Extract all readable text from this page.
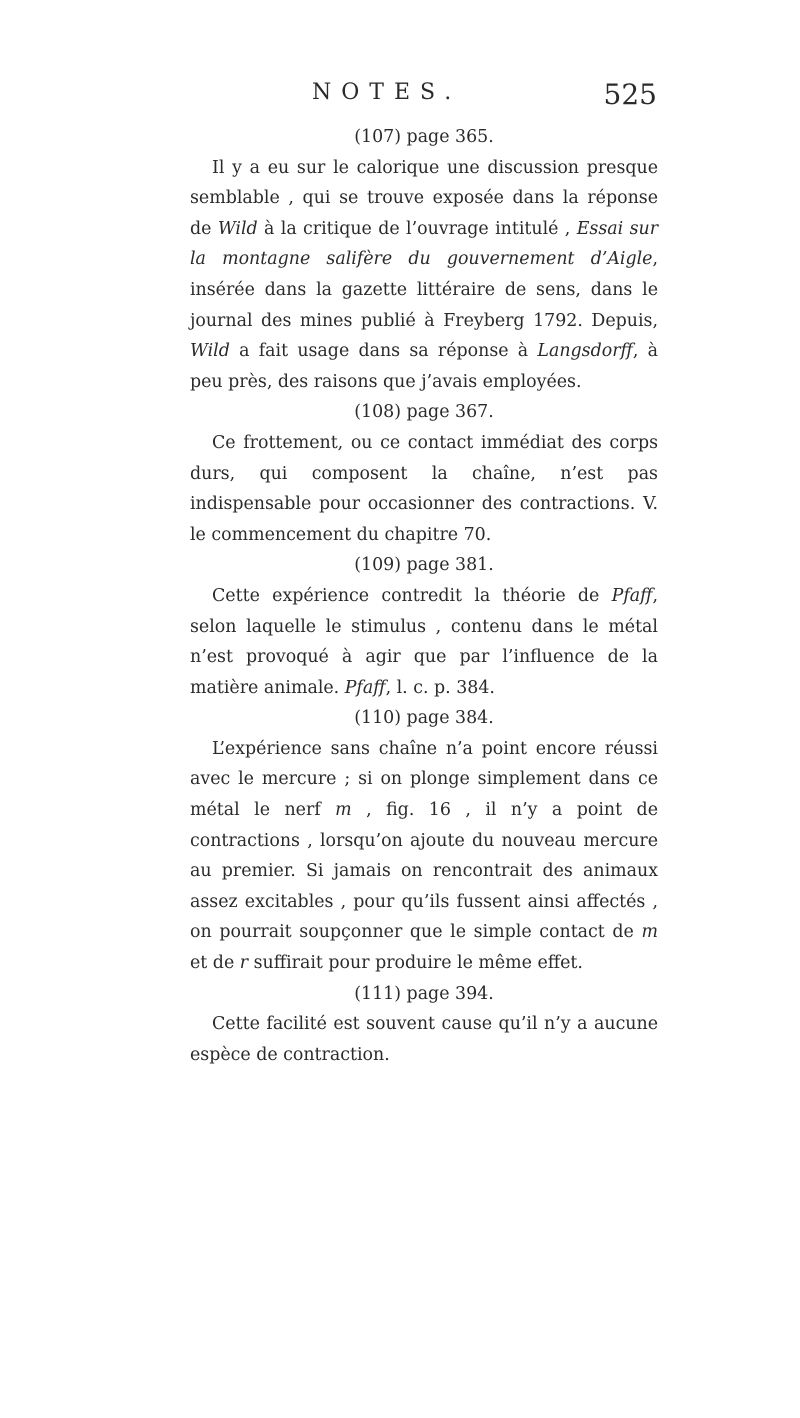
NOTES.	525

(107) page 365.

Il y a eu sur le calorique une discussion presque semblable , qui se trouve exposée dans la réponse de Wild à la critique de l’ouvrage intitulé , Essai sur la montagne salifère du gouvernement d’Aigle, insérée dans la gazette littéraire de sens, dans le journal des mines publié à Freyberg 1792. Depuis, Wild a fait usage dans sa réponse à Langsdorff, à peu près, des raisons que j’avais employées.

(108) page 367.

Ce frottement, ou ce contact immédiat des corps durs, qui composent la chaîne, n’est pas indispensable pour occasionner des contractions. V. le commencement du chapitre 70.

(109) page 381.

Cette expérience contredit la théorie de Pfaff, selon laquelle le stimulus , contenu dans le métal n’est provoqué à agir que par l’influence de la matière animale. Pfaff, l. c. p. 384.

(110) page 384.

L’expérience sans chaîne n’a point encore réussi avec le mercure ; si on plonge simplement dans ce métal le nerf m , fig. 16 , il n’y a point de contractions , lorsqu’on ajoute du nouveau mercure au premier. Si jamais on rencontrait des animaux assez excitables , pour qu’ils fussent ainsi affectés , on pourrait soupçonner que le simple contact de m et de r suffirait pour produire le même effet.

(111) page 394.

Cette facilité est souvent cause qu’il n’y a aucune espèce de contraction.
